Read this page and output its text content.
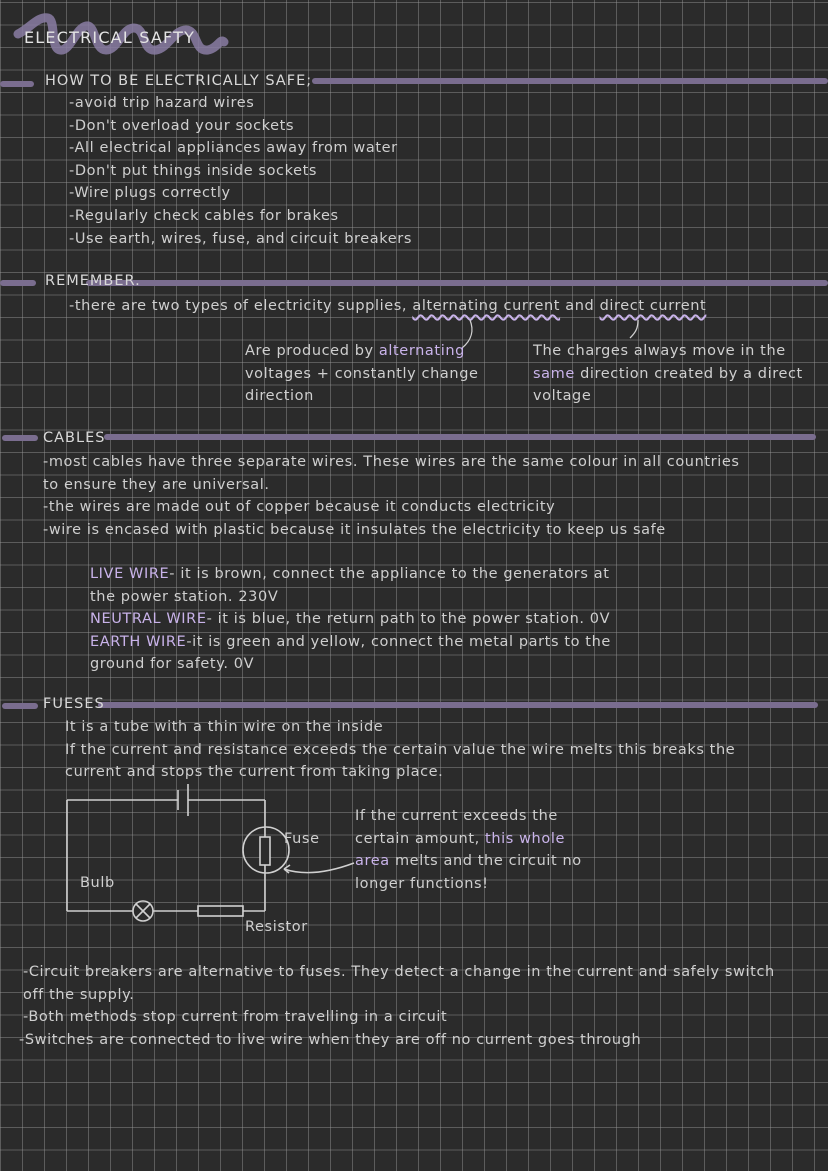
ELECTRICAL SAFTY
HOW TO BE ELECTRICALLY SAFE;
-avoid trip hazard wires
-Don't overload your sockets
-All electrical appliances away from water
-Don't put things inside sockets
-Wire plugs correctly
-Regularly check cables for brakes
-Use earth, wires, fuse, and circuit breakers
REMEMBER.
-there are two types of electricity supplies, alternating current and direct current
Are produced by alternating
voltages + constantly change
direction
The charges always move in the
same direction created by a direct
voltage
CABLES
-most cables have three separate wires. These wires are the same colour in all countries
to ensure they are universal.
-the wires are made out of copper because it conducts electricity
-wire is encased with plastic because it insulates the electricity to keep us safe
LIVE WIRE- it is brown, connect the appliance to the generators at
the power station. 230V
NEUTRAL WIRE- it is blue, the return path to the power station. 0V
EARTH WIRE-it is green and yellow, connect the metal parts to the
ground for safety. 0V
FUESES
It is a tube with a thin wire on the inside
If the current and resistance exceeds the certain value the wire melts this breaks the
current and stops the current from taking place.
Fuse
Bulb
Resistor
If the current exceeds the
certain amount, this whole
area melts and the circuit no
longer functions!
-Circuit breakers are alternative to fuses. They detect a change in the current and safely switch
off the supply.
-Both methods stop current from travelling in a circuit
-Switches are connected to live wire when they are off no current goes through
